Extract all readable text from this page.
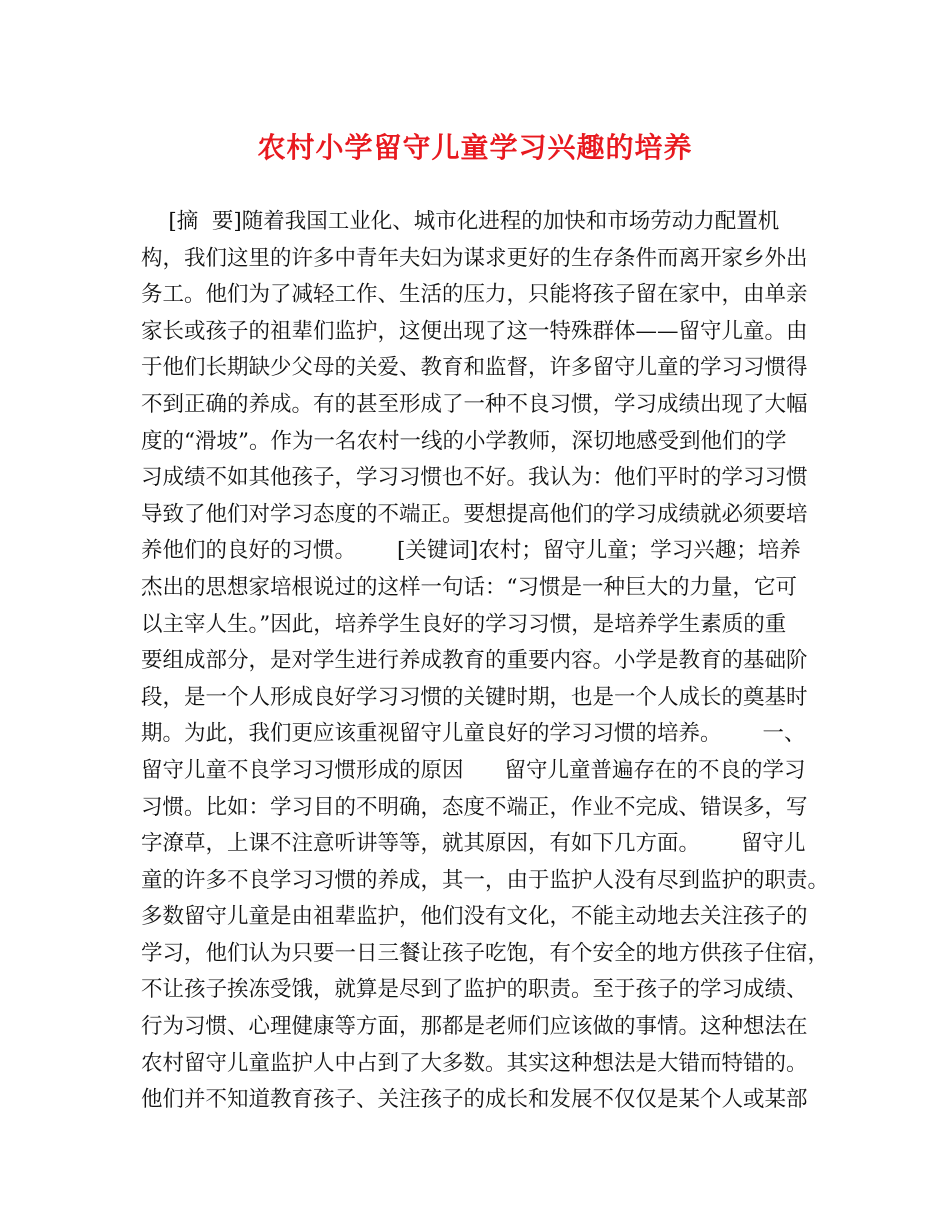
农村小学留守儿童学习兴趣的培养
[摘  要]随着我国工业化、城市化进程的加快和市场劳动力配置机
构，我们这里的许多中青年夫妇为谋求更好的生存条件而离开家乡外出
务工。他们为了减轻工作、生活的压力，只能将孩子留在家中，由单亲
家长或孩子的祖辈们监护，这便出现了这一特殊群体——留守儿童。由
于他们长期缺少父母的关爱、教育和监督，许多留守儿童的学习习惯得
不到正确的养成。有的甚至形成了一种不良习惯，学习成绩出现了大幅
度的“滑坡”。作为一名农村一线的小学教师，深切地感受到他们的学
习成绩不如其他孩子，学习习惯也不好。我认为：他们平时的学习习惯
导致了他们对学习态度的不端正。要想提高他们的学习成绩就必须要培
养他们的良好的习惯。      [关键词]农村；留守儿童；学习兴趣；培养
杰出的思想家培根说过的这样一句话：“习惯是一种巨大的力量，它可
以主宰人生。”因此，培养学生良好的学习习惯，是培养学生素质的重
要组成部分，是对学生进行养成教育的重要内容。小学是教育的基础阶
段，是一个人形成良好学习习惯的关键时期，也是一个人成长的奠基时
期。为此，我们更应该重视留守儿童良好的学习习惯的培养。      一、
留守儿童不良学习习惯形成的原因      留守儿童普遍存在的不良的学习
习惯。比如：学习目的不明确，态度不端正，作业不完成、错误多，写
字潦草，上课不注意听讲等等，就其原因，有如下几方面。      留守儿
童的许多不良学习习惯的养成，其一，由于监护人没有尽到监护的职责。
多数留守儿童是由祖辈监护，他们没有文化，不能主动地去关注孩子的
学习，他们认为只要一日三餐让孩子吃饱，有个安全的地方供孩子住宿，
不让孩子挨冻受饿，就算是尽到了监护的职责。至于孩子的学习成绩、
行为习惯、心理健康等方面，那都是老师们应该做的事情。这种想法在
农村留守儿童监护人中占到了大多数。其实这种想法是大错而特错的。
他们并不知道教育孩子、关注孩子的成长和发展不仅仅是某个人或某部
